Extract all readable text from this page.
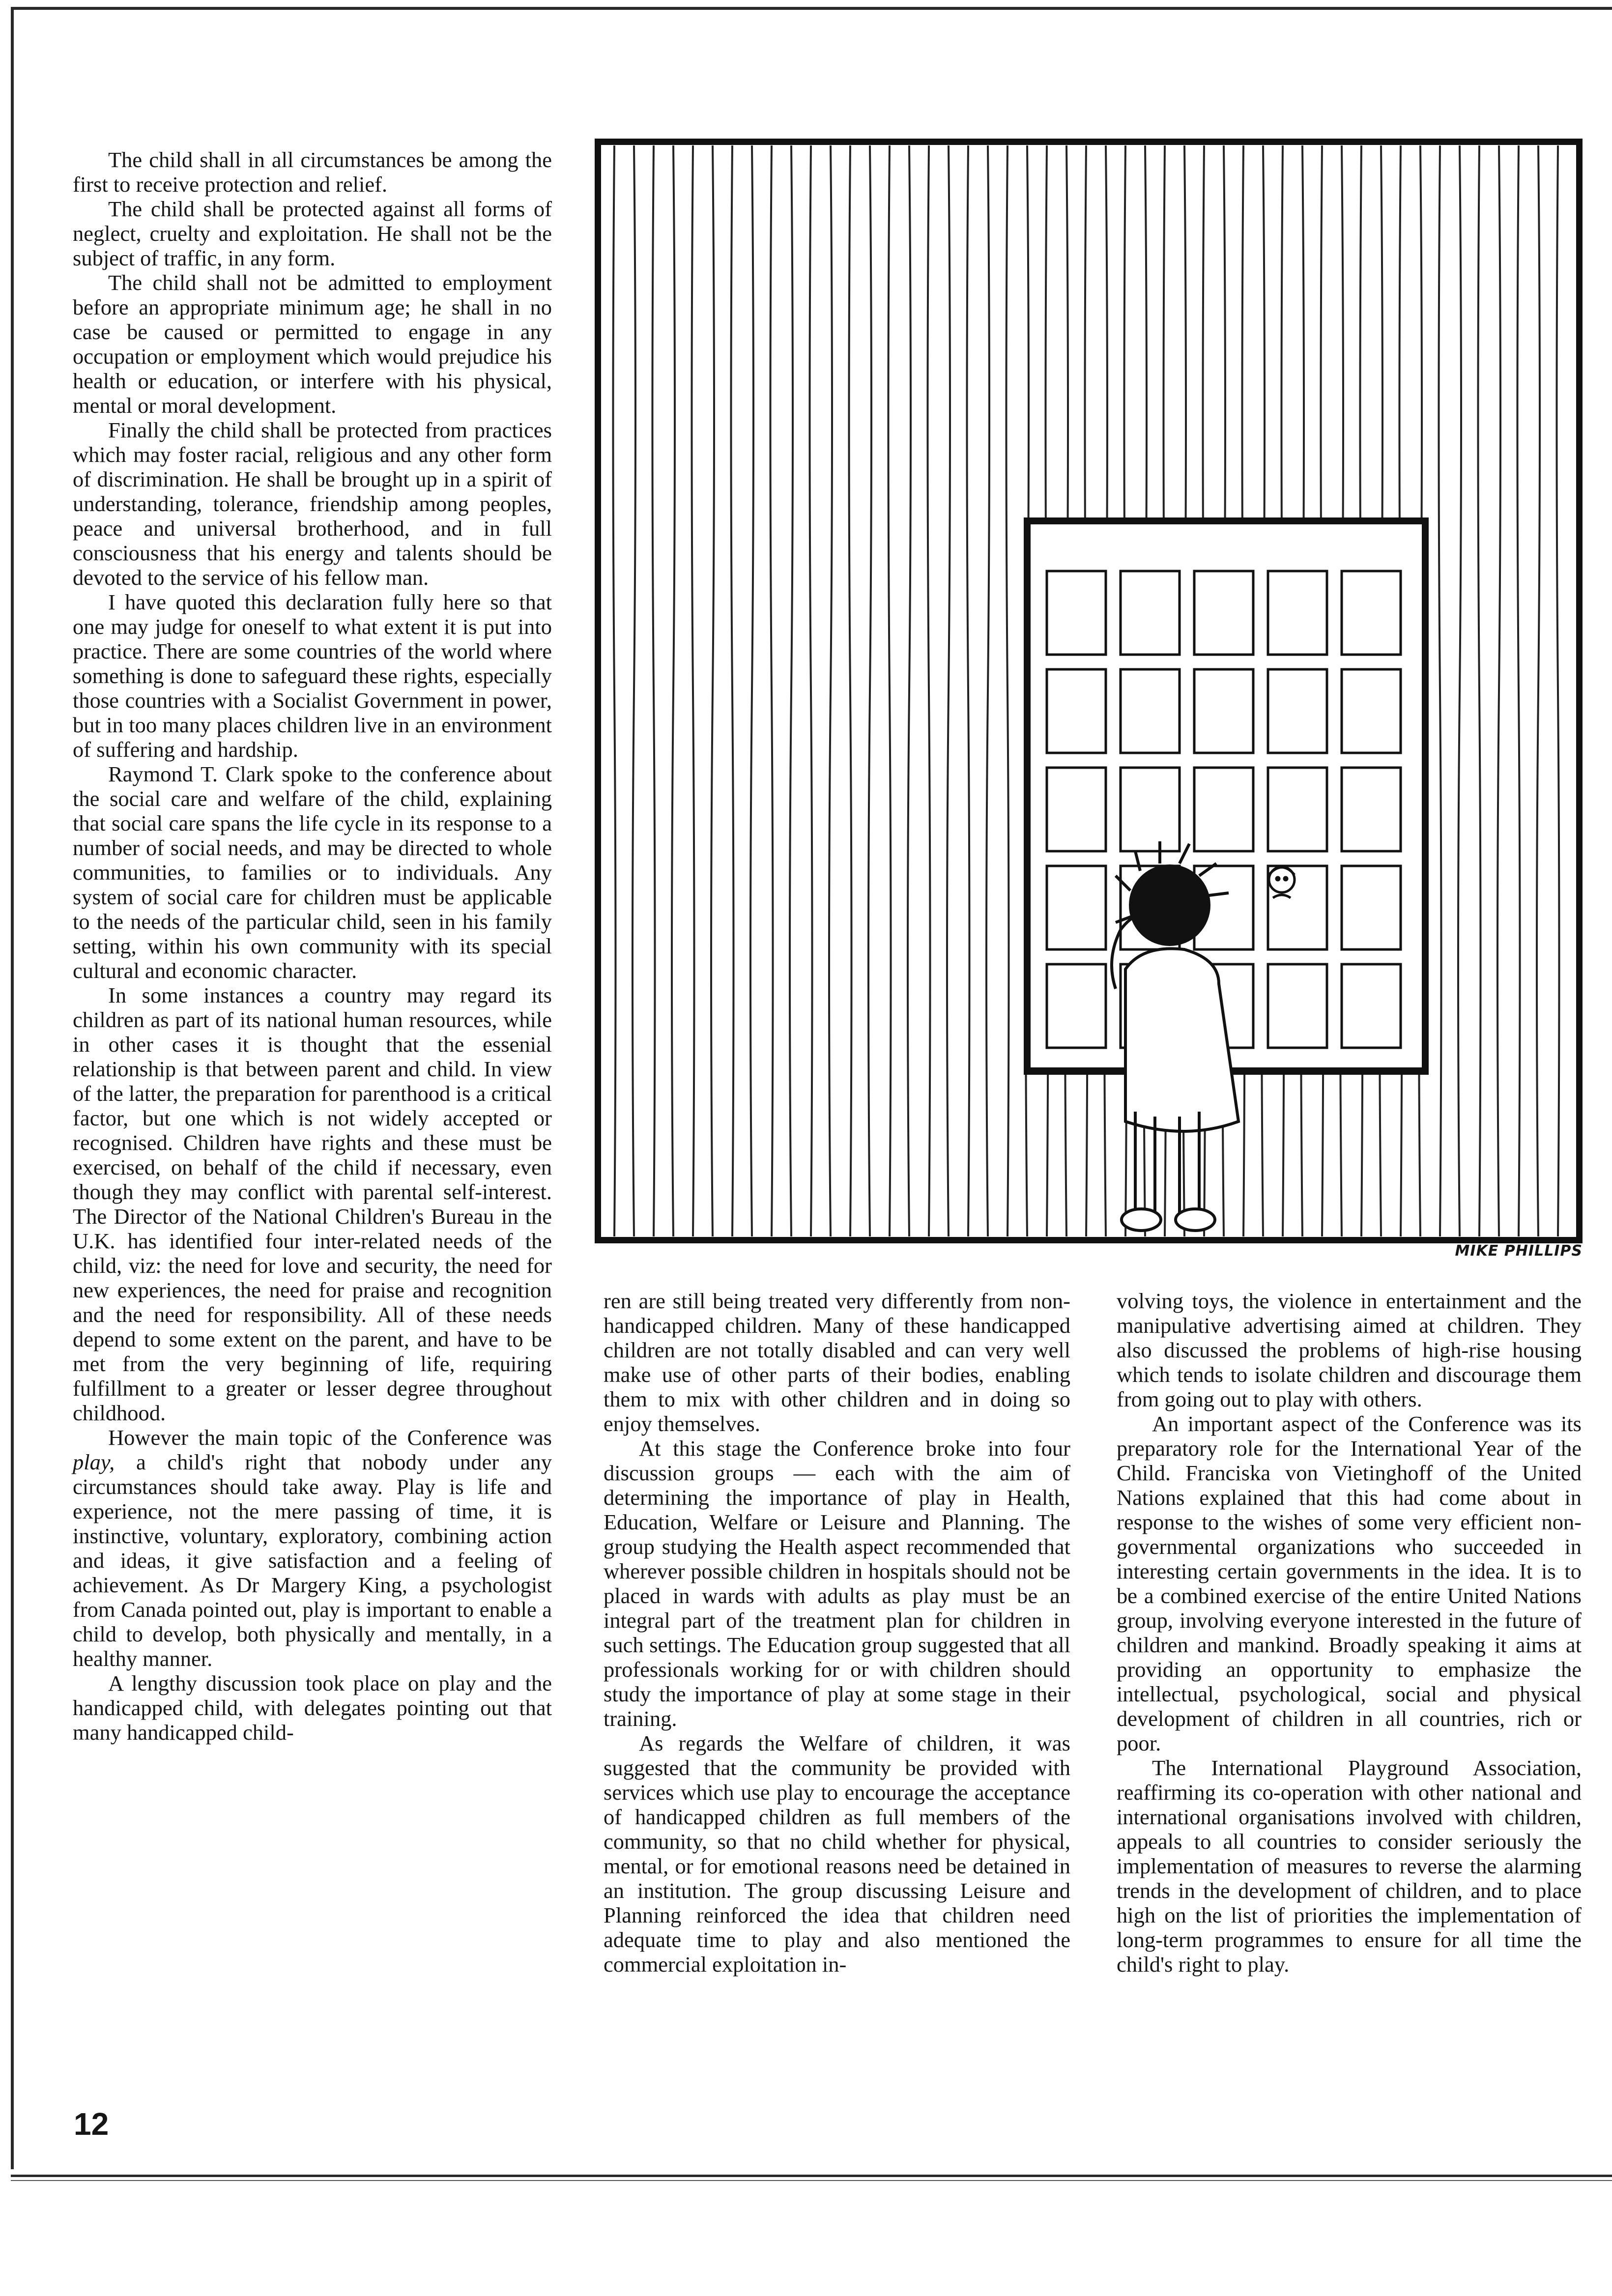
The child shall in all circumstances be among the first to receive protection and relief.

The child shall be protected against all forms of neglect, cruelty and exploitation. He shall not be the subject of traffic, in any form.

The child shall not be admitted to employment before an appropriate minimum age; he shall in no case be caused or permitted to engage in any occupation or employment which would prejudice his health or education, or interfere with his physical, mental or moral development.

Finally the child shall be protected from practices which may foster racial, religious and any other form of discrimination. He shall be brought up in a spirit of understanding, tolerance, friendship among peoples, peace and universal brotherhood, and in full consciousness that his energy and talents should be devoted to the service of his fellow man.

I have quoted this declaration fully here so that one may judge for oneself to what extent it is put into practice. There are some countries of the world where something is done to safeguard these rights, especially those countries with a Socialist Government in power, but in too many places children live in an environment of suffering and hardship.

Raymond T. Clark spoke to the conference about the social care and welfare of the child, explaining that social care spans the life cycle in its response to a number of social needs, and may be directed to whole communities, to families or to individuals. Any system of social care for children must be applicable to the needs of the particular child, seen in his family setting, within his own community with its special cultural and economic character.

In some instances a country may regard its children as part of its national human resources, while in other cases it is thought that the essenial relationship is that between parent and child. In view of the latter, the preparation for parenthood is a critical factor, but one which is not widely accepted or recognised. Children have rights and these must be exercised, on behalf of the child if necessary, even though they may conflict with parental self-interest. The Director of the National Children's Bureau in the U.K. has identified four inter-related needs of the child, viz: the need for love and security, the need for new experiences, the need for praise and recognition and the need for responsibility. All of these needs depend to some extent on the parent, and have to be met from the very beginning of life, requiring fulfillment to a greater or lesser degree throughout childhood.

However the main topic of the Conference was play, a child's right that nobody under any circumstances should take away. Play is life and experience, not the mere passing of time, it is instinctive, voluntary, exploratory, combining action and ideas, it give satisfaction and a feeling of achievement. As Dr Margery King, a psychologist from Canada pointed out, play is important to enable a child to develop, both physically and mentally, in a healthy manner.

A lengthy discussion took place on play and the handicapped child, with delegates pointing out that many handicapped child-

MIKE PHILLIPS

ren are still being treated very differently from non-handicapped children. Many of these handicapped children are not totally disabled and can very well make use of other parts of their bodies, enabling them to mix with other children and in doing so enjoy themselves.

At this stage the Conference broke into four discussion groups — each with the aim of determining the importance of play in Health, Education, Welfare or Leisure and Planning. The group studying the Health aspect recommended that wherever possible children in hospitals should not be placed in wards with adults as play must be an integral part of the treatment plan for children in such settings. The Education group suggested that all professionals working for or with children should study the importance of play at some stage in their training.

As regards the Welfare of children, it was suggested that the community be provided with services which use play to encourage the acceptance of handicapped children as full members of the community, so that no child whether for physical, mental, or for emotional reasons need be detained in an institution. The group discussing Leisure and Planning reinforced the idea that children need adequate time to play and also mentioned the commercial exploitation in-

volving toys, the violence in entertainment and the manipulative advertising aimed at children. They also discussed the problems of high-rise housing which tends to isolate children and discourage them from going out to play with others.

An important aspect of the Conference was its preparatory role for the International Year of the Child. Franciska von Vietinghoff of the United Nations explained that this had come about in response to the wishes of some very efficient non-governmental organizations who succeeded in interesting certain governments in the idea. It is to be a combined exercise of the entire United Nations group, involving everyone interested in the future of children and mankind. Broadly speaking it aims at providing an opportunity to emphasize the intellectual, psychological, social and physical development of children in all countries, rich or poor.

The International Playground Association, reaffirming its co-operation with other national and international organisations involved with children, appeals to all countries to consider seriously the implementation of measures to reverse the alarming trends in the development of children, and to place high on the list of priorities the implementation of long-term programmes to ensure for all time the child's right to play.

12
